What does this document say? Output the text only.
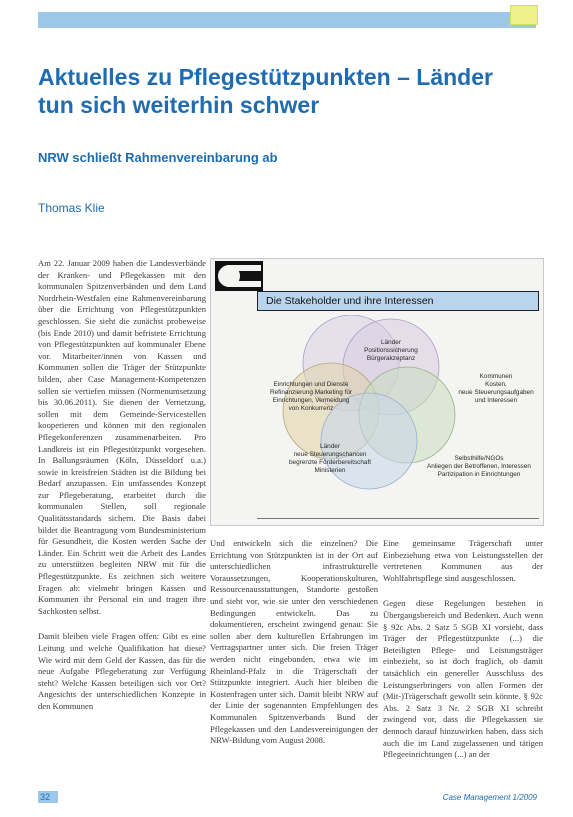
Aktuelles zu Pflegestützpunkten – Länder tun sich weiterhin schwer
NRW schließt Rahmenvereinbarung ab
Thomas Klie

Am 22. Januar 2009 haben die Landesverbände der Kranken- und Pflegekassen mit den kommunalen Spitzenverbänden und dem Land Nordrhein-Westfalen eine Rahmenvereinbarung über die Errichtung von Pflegestützpunkten geschlossen. Sie sieht die zunächst probeweise (bis Ende 2010) und damit befristete Errichtung von Pflegestützpunkten auf kommunaler Ebene vor. Mitarbeiter/innen von Kassen und Kommunen sollen die Träger der Stützpunkte bilden, aber Case Management-Kompetenzen sollen sie vertiefen müssen (Normenumsetzung bis 30.06.2011). Sie dienen der Vernetzung, sollen mit dem Gemeinde-Servicestellen kooperieren und können mit den regionalen Pflegekonferenzen zusammenarbeiten. Pro Landkreis ist ein Pflegestützpunkt vorgesehen. In Ballungsräumen (Köln, Düsseldorf u.a.) sowie in kreisfreien Städten ist die Bildung bei Bedarf anzupassen. Ein umfassendes Konzept zur Pflegeberatung, erarbeitet durch die kommunalen Stellen, soll regionale Qualitätsstandards sichern. Die Basis dabei bildet die Beantragung vom Bundesministerium für Gesundheit, die Kosten werden Sache der Länder. Ein Schritt weit die Arbeit des Landes zu unterstützen begleiten NRW mit für die Pflegestützpunkte. Es zeichnen sich weitere Fragen ab: vielmehr bringen Kassen und Kommunen ihr Personal ein und tragen ihre Sachkosten selbst.

Damit bleiben viele Fragen offen: Gibt es eine Leitung und welche Qualifikation hat diese? Wie wird mit dem Geld der Kassen, das für die neue Aufgabe Pflegeberatung zur Verfügung steht? Welche Kassen beteiligen sich vor Ort? Angesichts der unterschiedlichen Konzepte in den Kommunen

Die Stakeholder und ihre Interessen
Länder
Positionssicherung
Bürgerakzeptanz
Einrichtungen und Dienste
Refinanzierung Marketing für
Einrichtungen, Vermeidung
von Konkurrenz
Kommunen
Kosten,
neue Steuerungsaufgaben
und Interessen
Länder
neue Steuerungschancen
begrenzte Förderbereitschaft
Ministerien
Selbsthilfe/NGOs
Anliegen der Betroffenen, Interessen
Partizipation in Einrichtungen

Und entwickeln sich die einzelnen? Die Errichtung von Stützpunkten ist in der Ort auf unterschiedlichen infrastrukturelle Voraussetzungen, Kooperationskulturen, Ressourcenausstattungen, Standorte gestoßen und sieht vor, wie sie unter den verschiedenen Bedingungen entwickeln. Das zu dokumentieren, erscheint zwingend genau: Sie sollen aber dem kulturellen Erfahrungen im Vertragspartner unter sich. Die freien Träger werden nicht eingebunden, etwa wie im Rheinland-Pfalz in die Trägerschaft der Stützpunkte integriert. Auch hier bleiben die Kostenfragen unter sich. Damit bleibt NRW auf der Linie der sogenannten Empfehlungen des Kommunalen Spitzenverbands Bund der Pflegekassen und den Landesvereinigungen der NRW-Bildung vom August 2008.

Eine gemeinsame Trägerschaft unter Einbeziehung etwa von Leistungsstellen der vertretenen Kommunen aus der Wohlfahrtspflege sind ausgeschlossen.

Gegen diese Regelungen bestehen in Übergangsbereich und Bedenken. Auch wenn § 92c Abs. 2 Satz 5 SGB XI vorsieht, dass Träger der Pflegestützpunkte (...) die Beteiligten Pflege- und Leistungsträger einbezieht, so ist doch fraglich, ob damit tatsächlich ein genereller Ausschluss des Leistungserbringers von allen Formen der (Mit-)Trägerschaft gewollt sein könnte. § 92c Abs. 2 Satz 3 Nr. 2 SGB XI schreibt zwingend vor, dass die Pflegekassen sie dennoch darauf hinzuwirken haben, dass sich auch die im Land zugelassenen und tätigen Pflegeeinrichtungen (...) an der

32	Case Management 1/2009
